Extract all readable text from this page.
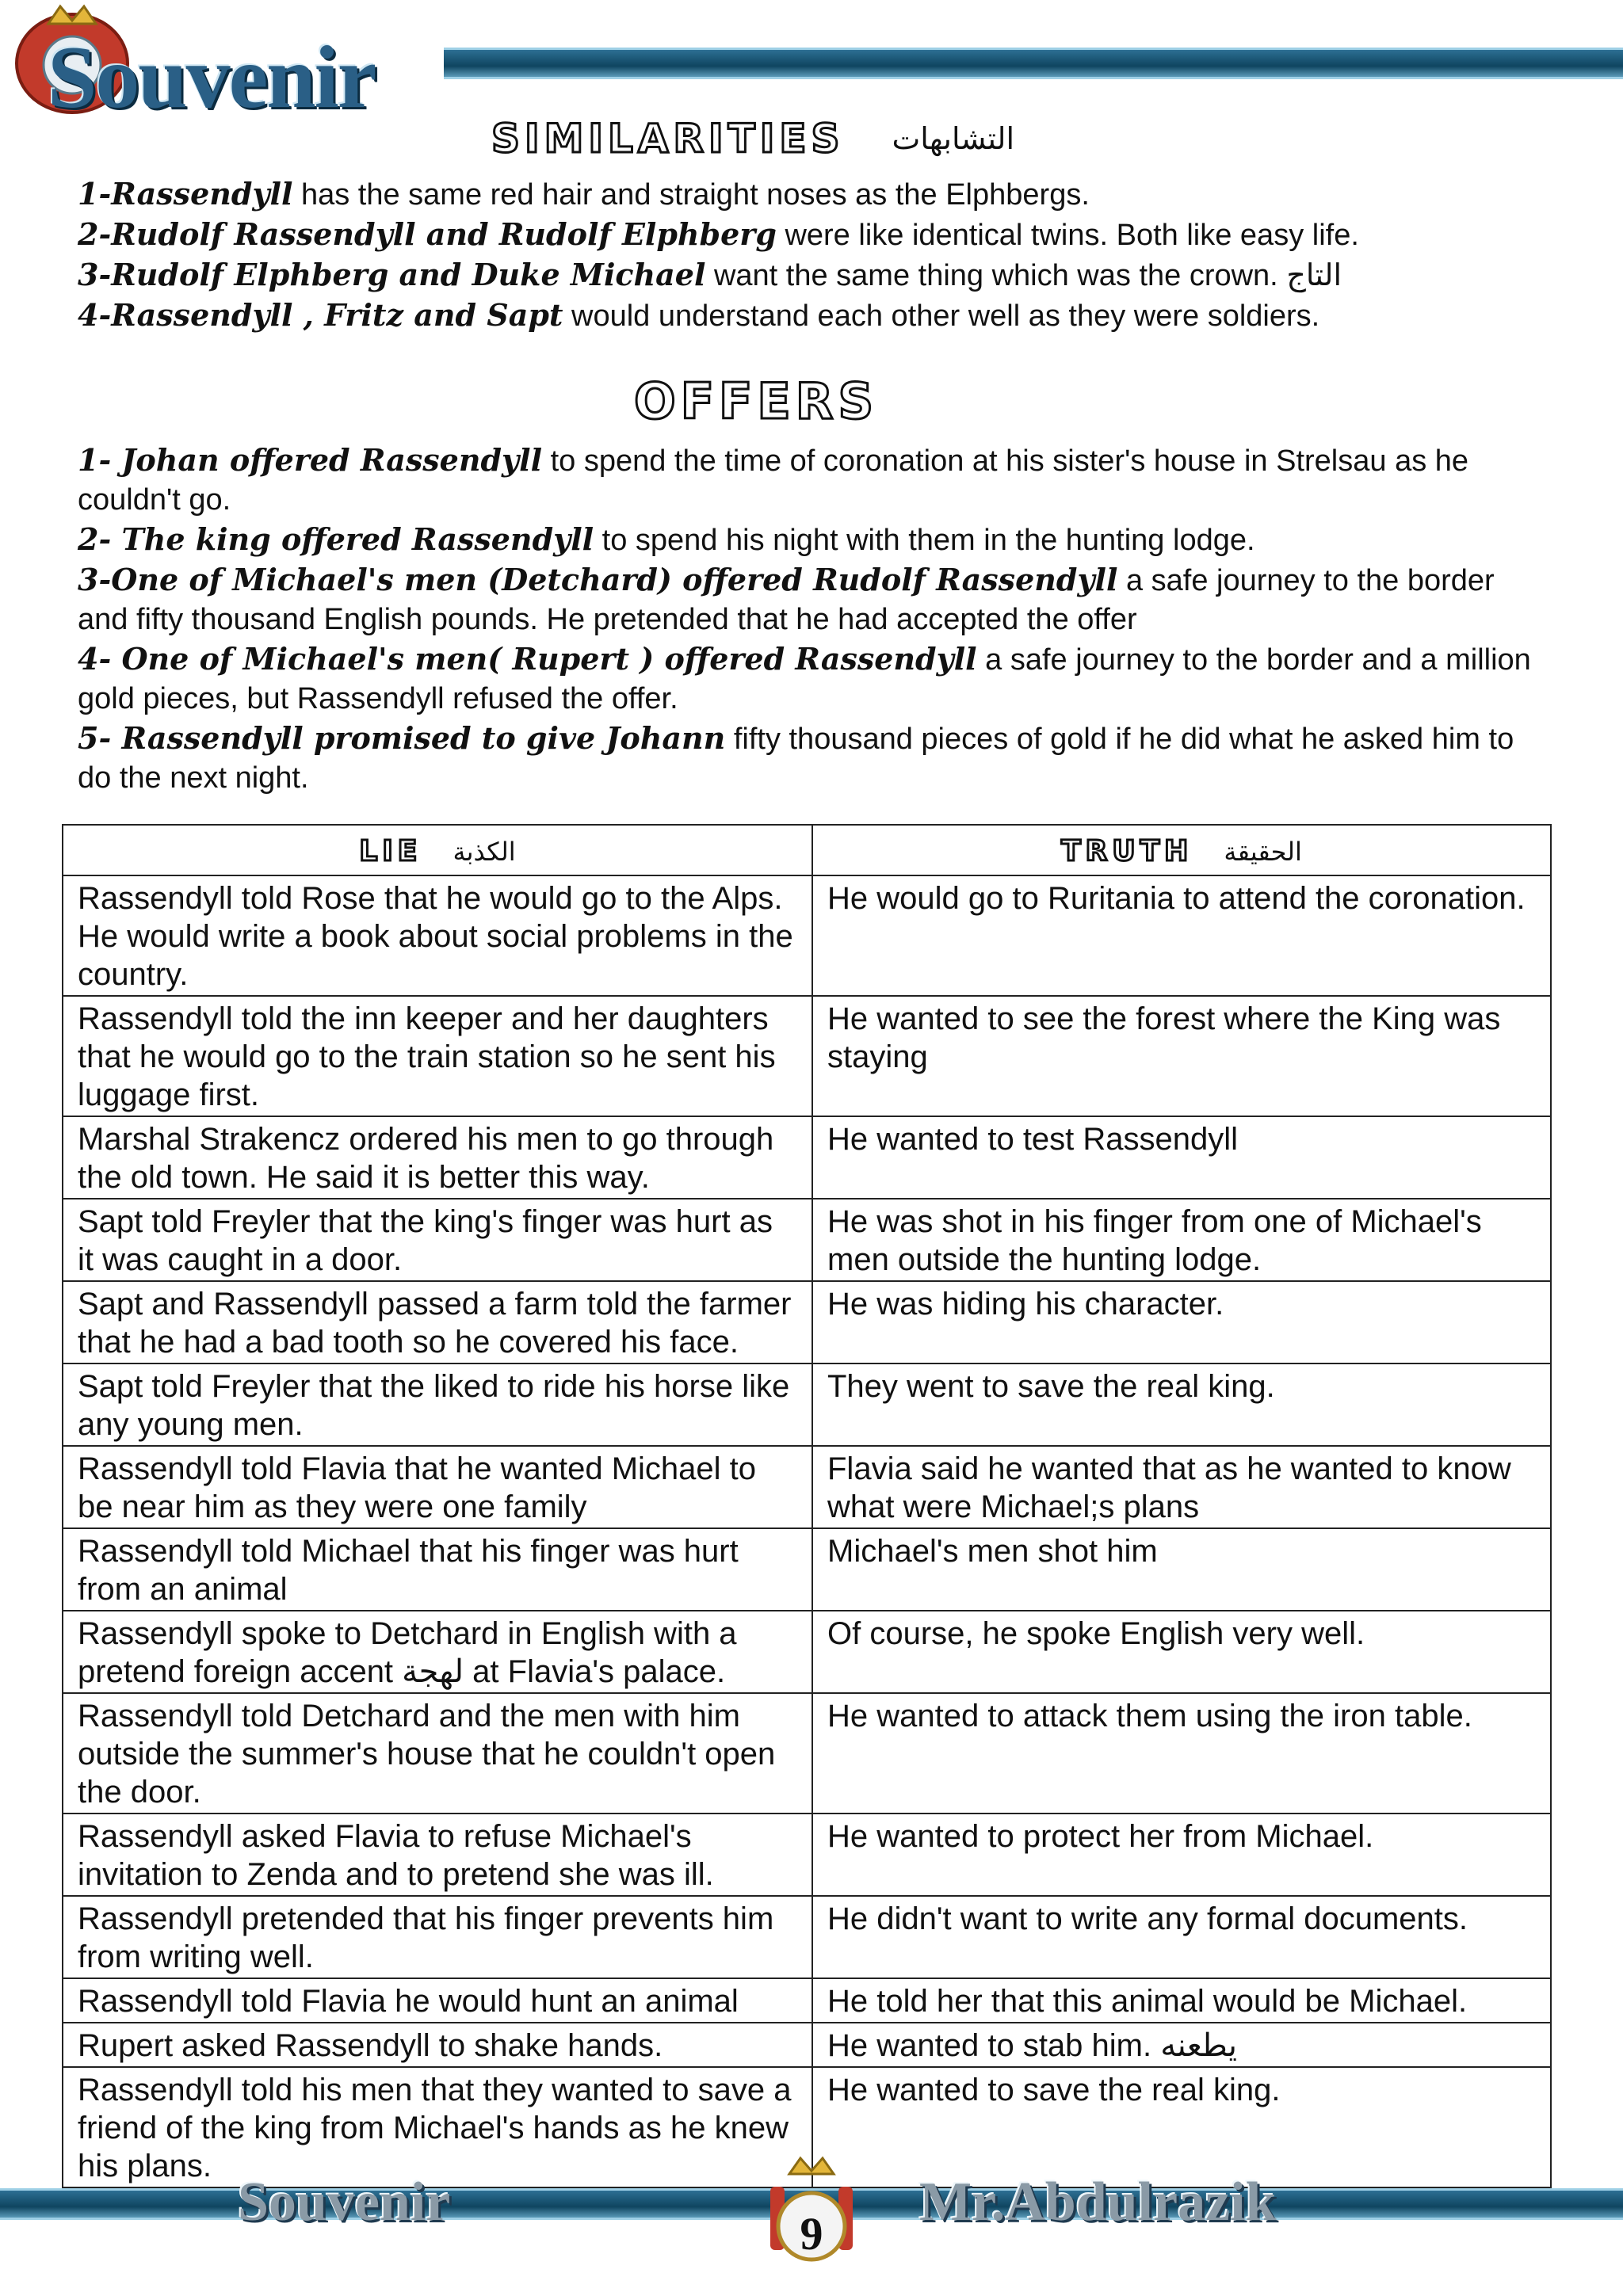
Souvenir
SIMILARITIES التشابهات

1-Rassendyll has the same red hair and straight noses as the Elphbergs.

2-Rudolf Rassendyll and Rudolf Elphberg were like identical twins. Both like easy life.

3-Rudolf Elphberg and Duke Michael want the same thing which was the crown. التاج

4-Rassendyll , Fritz and Sapt would understand each other well as they were soldiers.

OFFERS

1- Johan offered Rassendyll to spend the time of coronation at his sister's house in Strelsau as he couldn't go.

2- The king offered Rassendyll to spend his night with them in the hunting lodge.

3-One of Michael's men (Detchard) offered Rudolf Rassendyll a safe journey to the border and fifty thousand English pounds. He pretended that he had accepted the offer

4- One of Michael's men( Rupert ) offered Rassendyll a safe journey to the border and a million gold pieces, but Rassendyll refused the offer.

5- Rassendyll promised to give Johann fifty thousand pieces of gold if he did what he asked him to do the next night.

LIE الكذبة	TRUTH الحقيقة
Rassendyll told Rose that he would go to the Alps. He would write a book about social problems in the country.	He would go to Ruritania to attend the coronation.
Rassendyll told the inn keeper and her daughters that he would go to the train station so he sent his luggage first.	He wanted to see the forest where the King was staying
Marshal Strakencz ordered his men to go through the old town. He said it is better this way.	He wanted to test Rassendyll
Sapt told Freyler that the king's finger was hurt as it was caught in a door.	He was shot in his finger from one of Michael's men outside the hunting lodge.
Sapt and Rassendyll passed a farm told the farmer that he had a bad tooth so he covered his face.	He was hiding his character.
Sapt told Freyler that the liked to ride his horse like any young men.	They went to save the real king.
Rassendyll told Flavia that he wanted Michael to be near him as they were one family	Flavia said he wanted that as he wanted to know what were Michael;s plans
Rassendyll told Michael that his finger was hurt from an animal	Michael's men shot him
Rassendyll spoke to Detchard in English with a pretend foreign accent لهجة at Flavia's palace.	Of course, he spoke English very well.
Rassendyll told Detchard and the men with him outside the summer's house that he couldn't open the door.	He wanted to attack them using the iron table.
Rassendyll asked Flavia to refuse Michael's invitation to Zenda and to pretend she was ill.	He wanted to protect her from Michael.
Rassendyll pretended that his finger prevents him from writing well.	He didn't want to write any formal documents.
Rassendyll told Flavia he would hunt an animal	He told her that this animal would be Michael.
Rupert asked Rassendyll to shake hands.	He wanted to stab him. يطعنه
Rassendyll told his men that they wanted to save a friend of the king from Michael's hands as he knew his plans.	He wanted to save the real king.
Souvenir	Mr.Abdulrazik
9
